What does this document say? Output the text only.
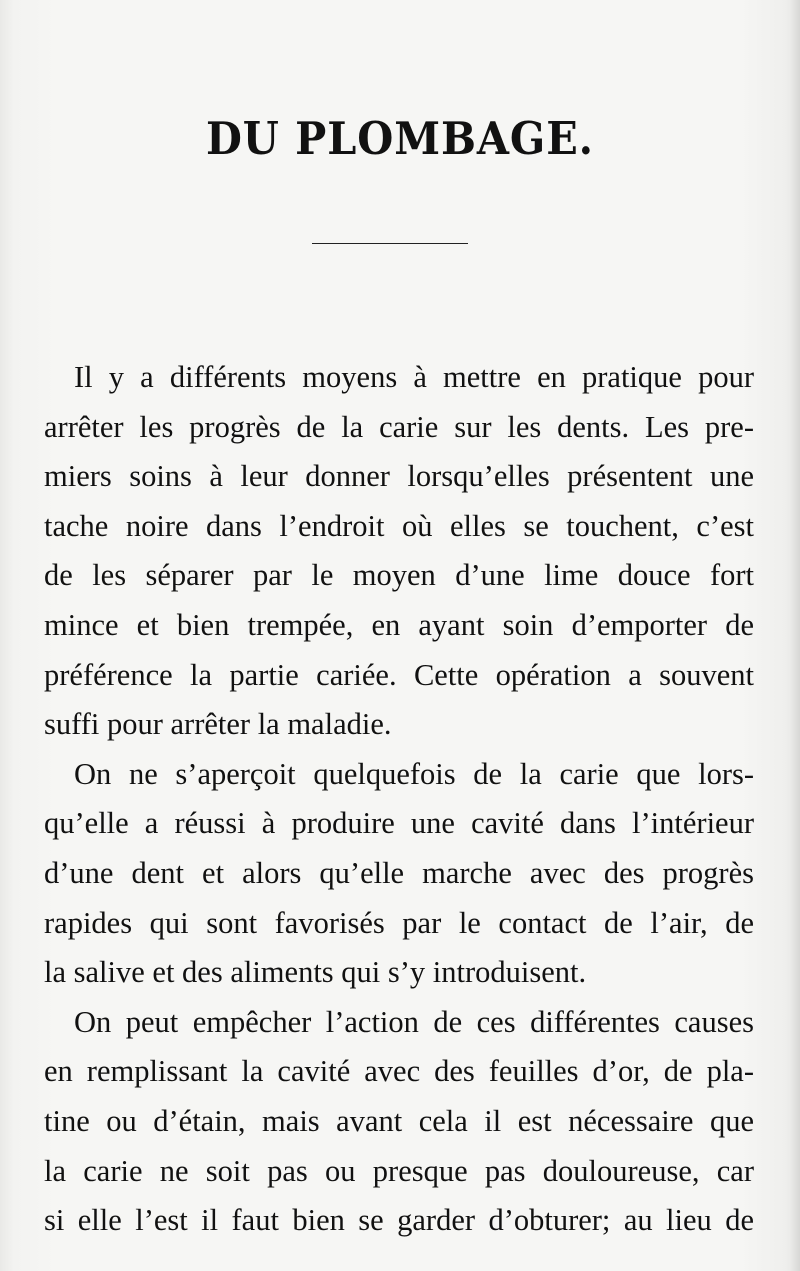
DU PLOMBAGE.
Il y a différents moyens à mettre en pratique pour
arrêter les progrès de la carie sur les dents. Les pre-
miers soins à leur donner lorsqu’elles présentent une
tache noire dans l’endroit où elles se touchent, c’est
de les séparer par le moyen d’une lime douce fort
mince et bien trempée, en ayant soin d’emporter de
préférence la partie cariée. Cette opération a souvent
suffi pour arrêter la maladie.
On ne s’aperçoit quelquefois de la carie que lors-
qu’elle a réussi à produire une cavité dans l’intérieur
d’une dent et alors qu’elle marche avec des progrès
rapides qui sont favorisés par le contact de l’air, de
la salive et des aliments qui s’y introduisent.
On peut empêcher l’action de ces différentes causes
en remplissant la cavité avec des feuilles d’or, de pla-
tine ou d’étain, mais avant cela il est nécessaire que
la carie ne soit pas ou presque pas douloureuse, car
si elle l’est il faut bien se garder d’obturer; au lieu de
